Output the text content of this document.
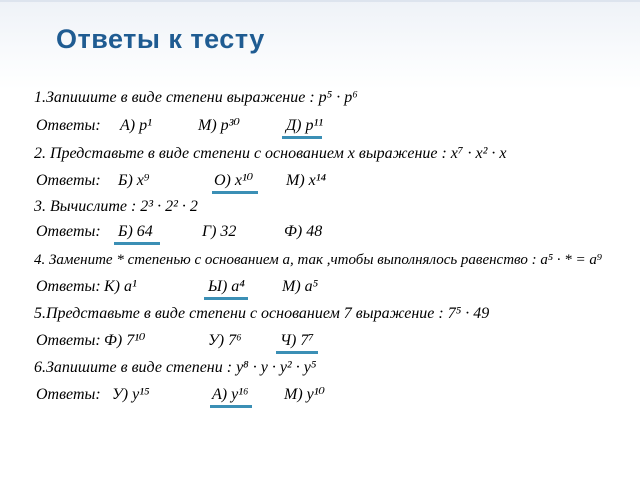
Ответы к тесту
1.Запишите в виде степени выражение : p⁵ · p⁶
Ответы: А) p¹	М) p³⁰	Д) p¹¹
2. Представьте в виде степени с основанием x выражение : x⁷ · x² · x
Ответы: Б) x⁹	О) x¹⁰ М) x¹⁴
3. Вычислите : 2³ · 2² · 2
Ответы: Б) 64	Г) 32	Ф) 48
4. Замените * степенью с основанием a, так ,чтобы выполнялось равенство : a⁵ · * = a⁹
Ответы: К) a¹	Ы) a⁴ М) a⁵
5.Представьте в виде степени с основанием 7 выражение : 7⁵ · 49
Ответы: Ф) 7¹⁰	У) 7⁶ Ч) 7⁷
6.Запишите в виде степени : y⁸ · y · y² · y⁵
Ответы: У) y¹⁵	А) y¹⁶ М) y¹⁰
